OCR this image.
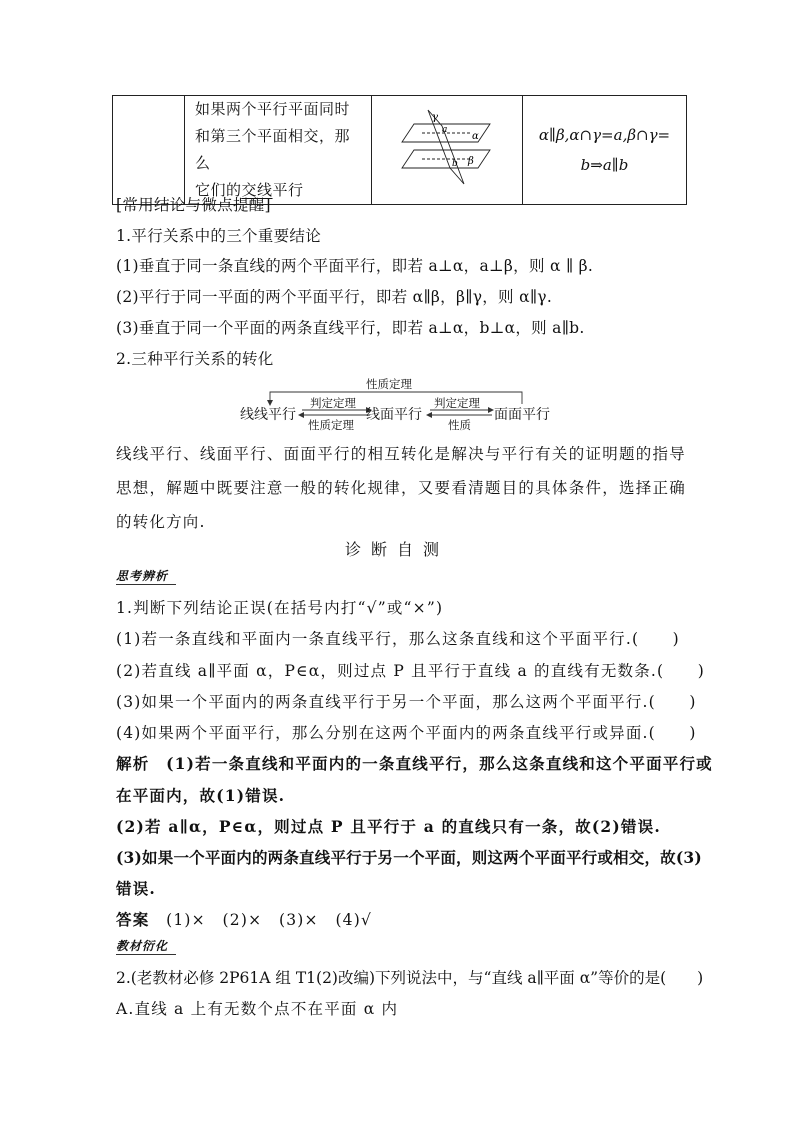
如果两个平行平面同时
和第三个平面相交，那么
它们的交线平行

γ
α
a
b β

α∥β,α∩γ=a,β∩γ=
b⇒a∥b
[常用结论与微点提醒]
1.平行关系中的三个重要结论
(1)垂直于同一条直线的两个平面平行，即若 a⊥α，a⊥β，则 α ∥ β.
(2)平行于同一平面的两个平面平行，即若 α∥β，β∥γ，则 α∥γ.
(3)垂直于同一个平面的两条直线平行，即若 a⊥α，b⊥α，则 a∥b.
2.三种平行关系的转化
性质定理
线线平行	线面平行	面面平行
判定定理
性质定理
判定定理
性质
线线平行、线面平行、面面平行的相互转化是解决与平行有关的证明题的指导思想，解题中既要注意一般的转化规律，又要看清题目的具体条件，选择正确的转化方向.
诊断自测
思考辨析
1.判断下列结论正误(在括号内打“√”或“×”)
(1)若一条直线和平面内一条直线平行，那么这条直线和这个平面平行.(　　)
(2)若直线 a∥平面 α，P∈α，则过点 P 且平行于直线 a 的直线有无数条.(　　)
(3)如果一个平面内的两条直线平行于另一个平面，那么这两个平面平行.(　　)
(4)如果两个平面平行，那么分别在这两个平面内的两条直线平行或异面.(　　)
解析　 (1)若一条直线和平面内的一条直线平行，那么这条直线和这个平面平行或
在平面内，故(1)错误.
(2)若 a∥α，P∈α，则过点 P 且平行于 a 的直线只有一条，故(2)错误.
(3)如果一个平面内的两条直线平行于另一个平面，则这两个平面平行或相交，故(3)
错误.
答案　 (1)×　(2)×　(3)×　(4)√
教材衍化
2.(老教材必修 2P61A 组 T1(2)改编)下列说法中，与“直线 a∥平面 α”等价的是(　　)
A.直线 a 上有无数个点不在平面 α 内
